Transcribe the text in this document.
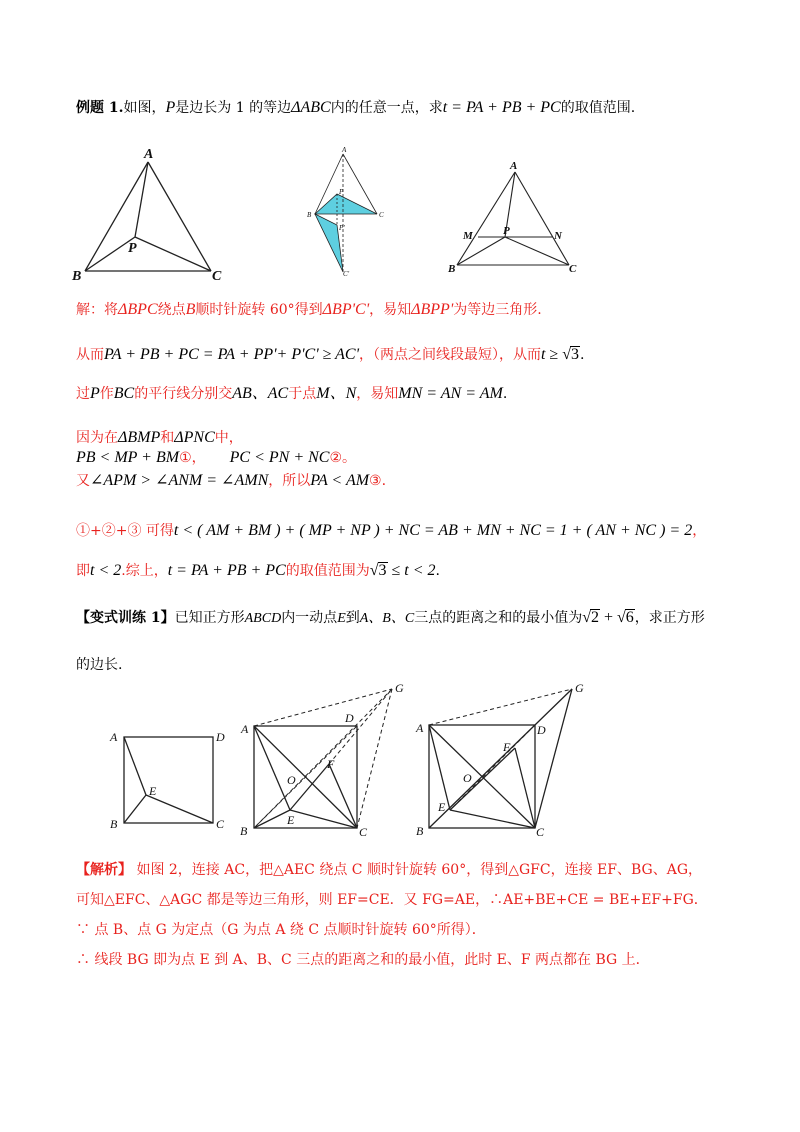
例题 1.如图，P是边长为 1 的等边ΔABC内的任意一点，求t = PA + PB + PC的取值范围.
A
B	C
P
A
B	C
P
P'
C'
A
B	C
M	N
P
解：将ΔBPC绕点B顺时针旋转 60°得到ΔBP'C'，易知ΔBPP'为等边三角形.
从而PA + PB + PC = PA + PP'+ P'C' ≥ AC'，（两点之间线段最短），从而t ≥ √3.
过P作BC的平行线分别交AB、AC于点M、N，易知MN = AN = AM.
因为在ΔBMP和ΔPNC中，
PB < MP + BM①， PC < PN + NC②。
又∠APM > ∠ANM = ∠AMN，所以PA < AM③.
①+②+③ 可得t < ( AM + BM ) + ( MP + NP ) + NC = AB + MN + NC = 1 + ( AN + NC ) = 2，
即t < 2.综上，t = PA + PB + PC的取值范围为√3 ≤ t < 2.
【变式训练 1】已知正方形ABCD内一动点E到A、B、C三点的距离之和的最小值为√2 + √6，求正方形
的边长.
A	D
B	C
E
A
D
B	C
E
F
G
O
A	D
B	C
E
F
G
O
【解析】 如图 2，连接 AC，把△AEC 绕点 C 顺时针旋转 60°，得到△GFC，连接 EF、BG、AG，
可知△EFC、△AGC 都是等边三角形，则 EF=CE．又 FG=AE，∴AE+BE+CE = BE+EF+FG．
∵ 点 B、点 G 为定点（G 为点 A 绕 C 点顺时针旋转 60°所得）．
∴ 线段 BG 即为点 E 到 A、B、C 三点的距离之和的最小值，此时 E、F 两点都在 BG 上．
